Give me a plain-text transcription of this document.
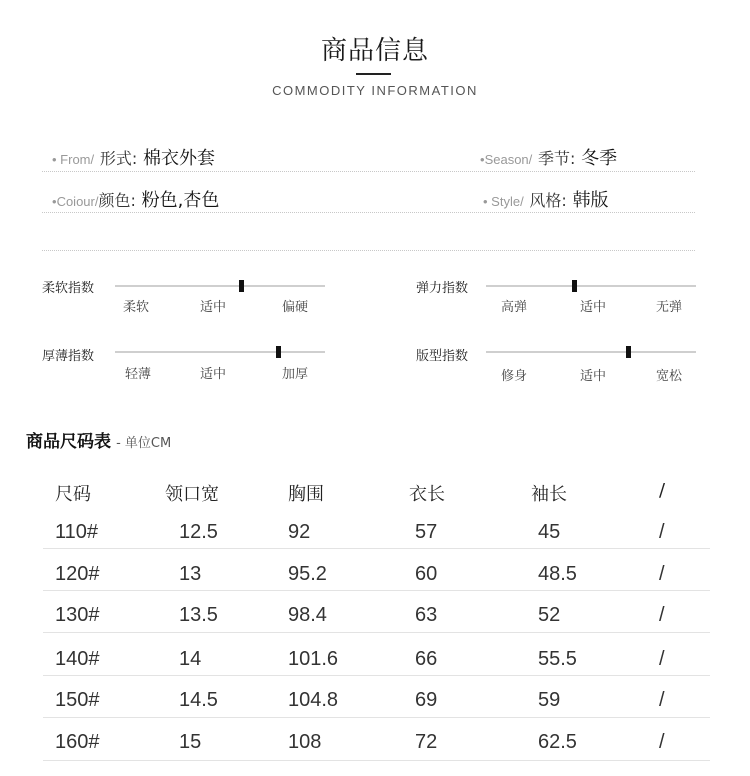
商品信息
COMMODITY INFORMATION
• From/ 形式: 棉衣外套	•Season/ 季节: 冬季
•Coiour/颜色: 粉色,杏色	• Style/ 风格: 韩版
柔软指数
柔软	适中	偏硬
弹力指数
高弹	适中	无弹
厚薄指数
轻薄	适中	加厚
版型指数
修身	适中	宽松
商品尺码表 - 单位CM
尺码	领口宽	胸围	衣长	袖长	/
110#	12.5	92	57	45	/
120#	13	95.2	60	48.5	/
130#	13.5	98.4	63	52	/
140#	14	101.6	66	55.5	/
150#	14.5	104.8	69	59	/
160#	15	108	72	62.5	/
